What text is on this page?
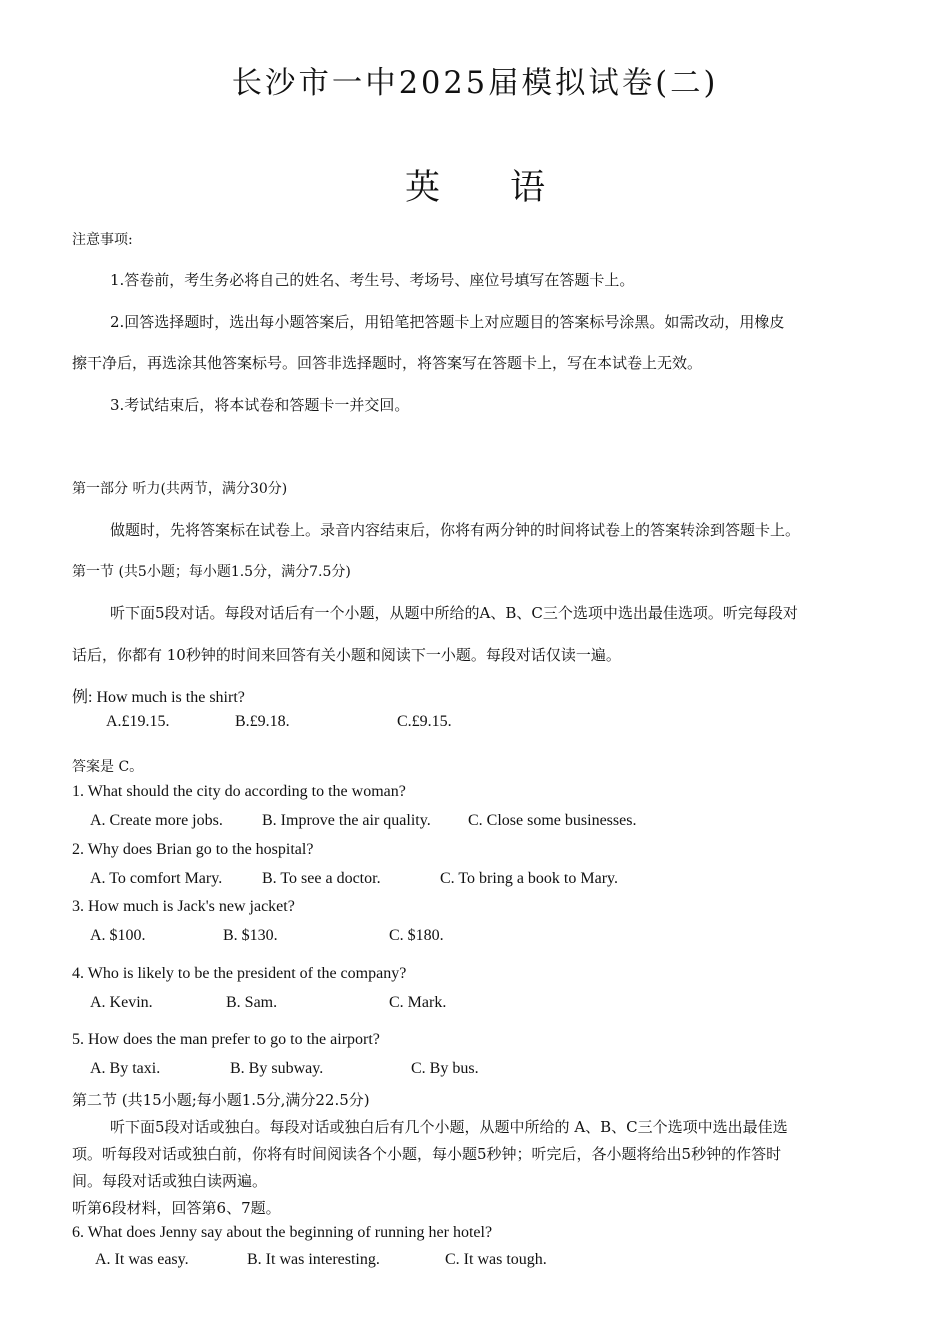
长沙市一中2025届模拟试卷(二)
英 语
注意事项:
1.答卷前，考生务必将自己的姓名、考生号、考场号、座位号填写在答题卡上。
2.回答选择题时，选出每小题答案后，用铅笔把答题卡上对应题目的答案标号涂黑。如需改动，用橡皮
擦干净后，再选涂其他答案标号。回答非选择题时，将答案写在答题卡上，写在本试卷上无效。
3.考试结束后，将本试卷和答题卡一并交回。
第一部分 听力(共两节，满分30分)
做题时，先将答案标在试卷上。录音内容结束后，你将有两分钟的时间将试卷上的答案转涂到答题卡上。
第一节 (共5小题；每小题1.5分，满分7.5分)
听下面5段对话。每段对话后有一个小题，从题中所给的A、B、C三个选项中选出最佳选项。听完每段对
话后，你都有 10秒钟的时间来回答有关小题和阅读下一小题。每段对话仅读一遍。
例: How much is the shirt?
A.£19.15.	B.£9.18.	C.£9.15.
答案是 C。
1. What should the city do according to the woman?
A. Create more jobs. B. Improve the air quality. C. Close some businesses.
2. Why does Brian go to the hospital?
A. To comfort Mary. B. To see a doctor.	C. To bring a book to Mary.
3. How much is Jack's new jacket?
A. $100.	B. $130.	C. $180.
4. Who is likely to be the president of the company?
A. Kevin.	B. Sam.	C. Mark.
5. How does the man prefer to go to the airport?
A. By taxi.	B. By subway.	C. By bus.
第二节 (共15小题;每小题1.5分,满分22.5分)
听下面5段对话或独白。每段对话或独白后有几个小题，从题中所给的 A、B、C三个选项中选出最佳选
项。听每段对话或独白前，你将有时间阅读各个小题，每小题5秒钟；听完后，各小题将给出5秒钟的作答时
间。每段对话或独白读两遍。
听第6段材料，回答第6、7题。
6. What does Jenny say about the beginning of running her hotel?
A. It was easy.	B. It was interesting.	C. It was tough.
